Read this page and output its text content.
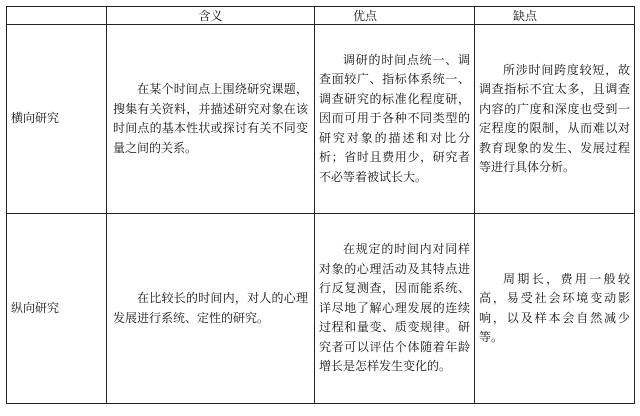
	含义	优点	缺点
横向研究	在某个时间点上围绕研究课题，搜集有关资料，并描述研究对象在该时间点的基本性状或探讨有关不同变量之间的关系。	调研的时间点统一、调查面较广、指标体系统一、调查研究的标准化程度研，因而可用于各种不同类型的研究对象的描述和对比分析；省时且费用少，研究者不必等着被试长大。	所涉时间跨度较短，故调查指标不宜太多，且调查内容的广度和深度也受到一定程度的限制，从而难以对教育现象的发生、发展过程等进行具体分析。
纵向研究	在比较长的时间内，对人的心理发展进行系统、定性的研究。	在规定的时间内对同样对象的心理活动及其特点进行反复测查，因而能系统、详尽地了解心理发展的连续过程和量变、质变规律。研究者可以评估个体随着年龄增长是怎样发生变化的。	周期长，费用一般较高，易受社会环境变动影响，以及样本会自然减少等。
